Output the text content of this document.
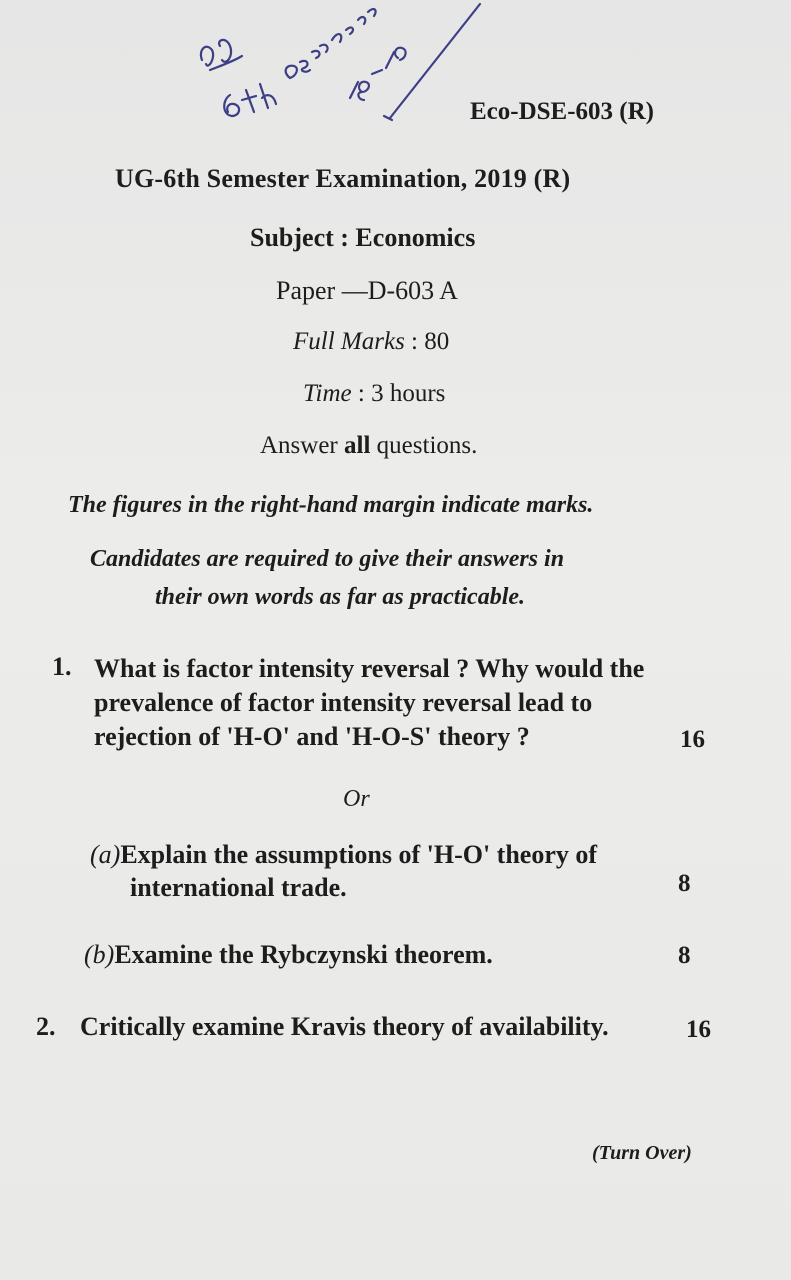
Eco-DSE-603 (R)
UG-6th Semester Examination, 2019 (R)
Subject : Economics
Paper —D-603 A
Full Marks : 80
Time : 3 hours
Answer all questions.
The figures in the right-hand margin indicate marks.
Candidates are required to give their answers in
their own words as far as practicable.
1. What is factor intensity reversal ? Why would the prevalence of factor intensity reversal lead to rejection of 'H-O' and 'H-O-S' theory ?	16
Or
(a)Explain the assumptions of 'H-O' theory of
international trade.	8
(b)Examine the Rybczynski theorem.	8
2. Critically examine Kravis theory of availability.	16
(Turn Over)
